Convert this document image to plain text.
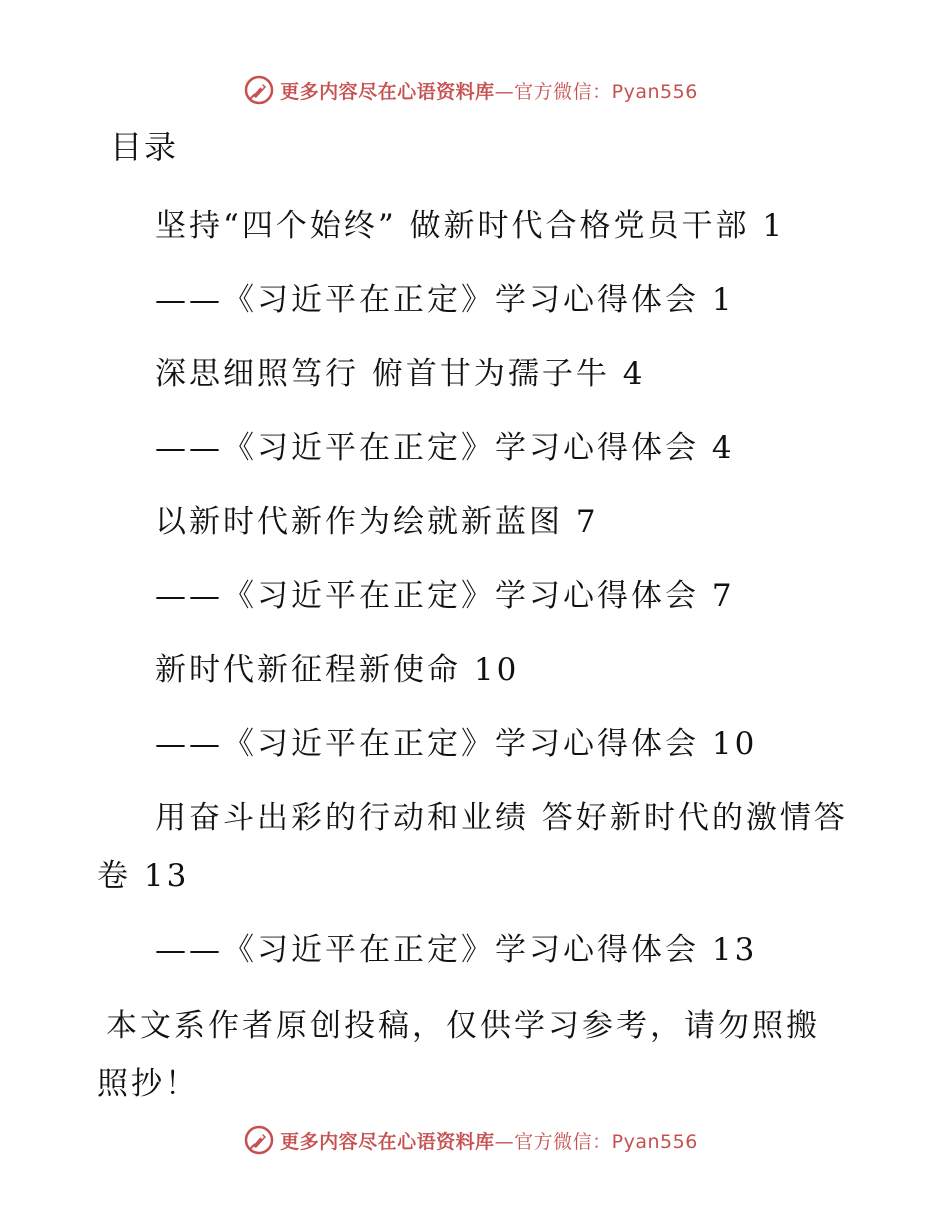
更多内容尽在心语资料库—官方微信：Pyan556
目录
坚持“四个始终” 做新时代合格党员干部 1
——《习近平在正定》学习心得体会 1
深思细照笃行 俯首甘为孺子牛 4
——《习近平在正定》学习心得体会 4
以新时代新作为绘就新蓝图 7
——《习近平在正定》学习心得体会 7
新时代新征程新使命 10
——《习近平在正定》学习心得体会 10
用奋斗出彩的行动和业绩 答好新时代的激情答
卷 13
——《习近平在正定》学习心得体会 13
本文系作者原创投稿，仅供学习参考，请勿照搬
照抄！
更多内容尽在心语资料库—官方微信：Pyan556
